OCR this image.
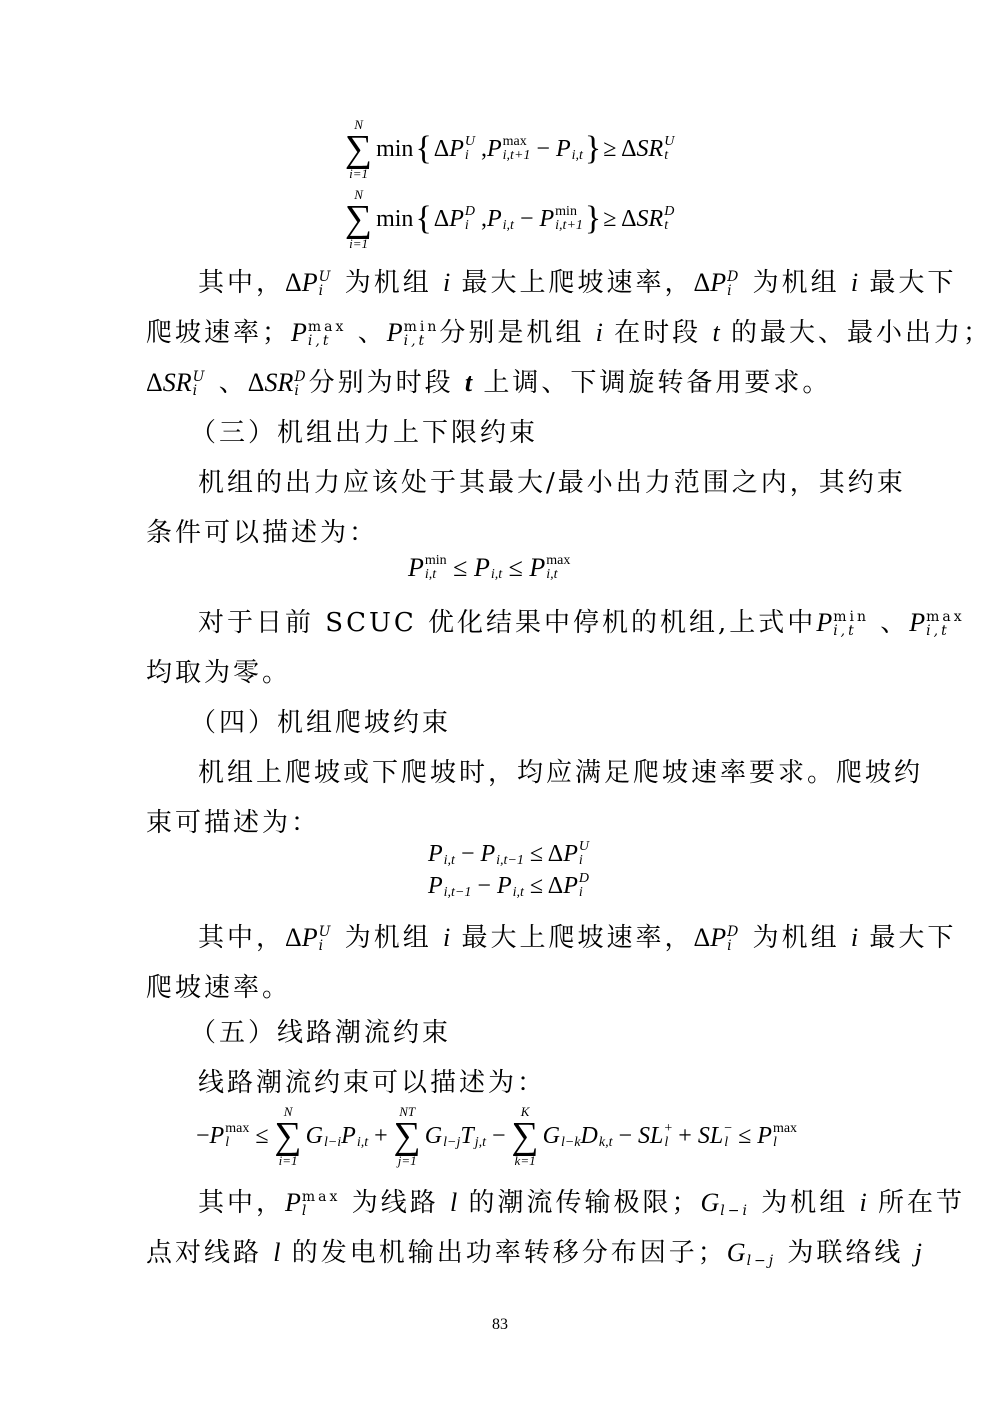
N
∑
i=1
min { ΔP U
i ,P max
i,t+1 − P
i,t } ≥ ΔSR U
t
N
∑
i=1
min { ΔP D
i ,P
i,t − P min
i,t+1 } ≥ ΔSR D
t
其中，ΔP U
i 为机组 i 最大上爬坡速率，ΔP D
i 为机组 i 最大下
爬坡速率；P max
i,t	、P min
i,t 分别是机组 i 在时段 t 的最大、最小出力；
ΔSR U
i 、ΔSR D
i 分别为时段 t 上调、下调旋转备用要求。
（三）机组出力上下限约束
机组的出力应该处于其最大/最小出力范围之内，其约束
条件可以描述为：
P min
i,t ≤ P
i,t ≤ P max
i,t
对于日前 SCUC 优化结果中停机的机组,上式中P min
i,t 、P max
i,t
均取为零。
（四）机组爬坡约束
机组上爬坡或下爬坡时，均应满足爬坡速率要求。爬坡约
束可描述为：
P
i,t − P
i,t−1 ≤ ΔP U
i
P
i,t−1 − P
i,t ≤ ΔP D
i
其中，ΔP U
i 为机组 i 最大上爬坡速率，ΔP D
i 为机组 i 最大下
爬坡速率。
（五）线路潮流约束
线路潮流约束可以描述为：
−P max
l ≤
N
∑
i=1
G
l−i P
i,t +
NT
∑
j=1
G
l−j T
j,t −
K
∑
k=1
G
l−k D
k,t − SL +
l + SL −
l ≤ P max
l
其中，P max
l	为线路 l 的潮流传输极限；G
l−i 为机组 i 所在节
点对线路 l 的发电机输出功率转移分布因子；G
l−j 为联络线 j
83
